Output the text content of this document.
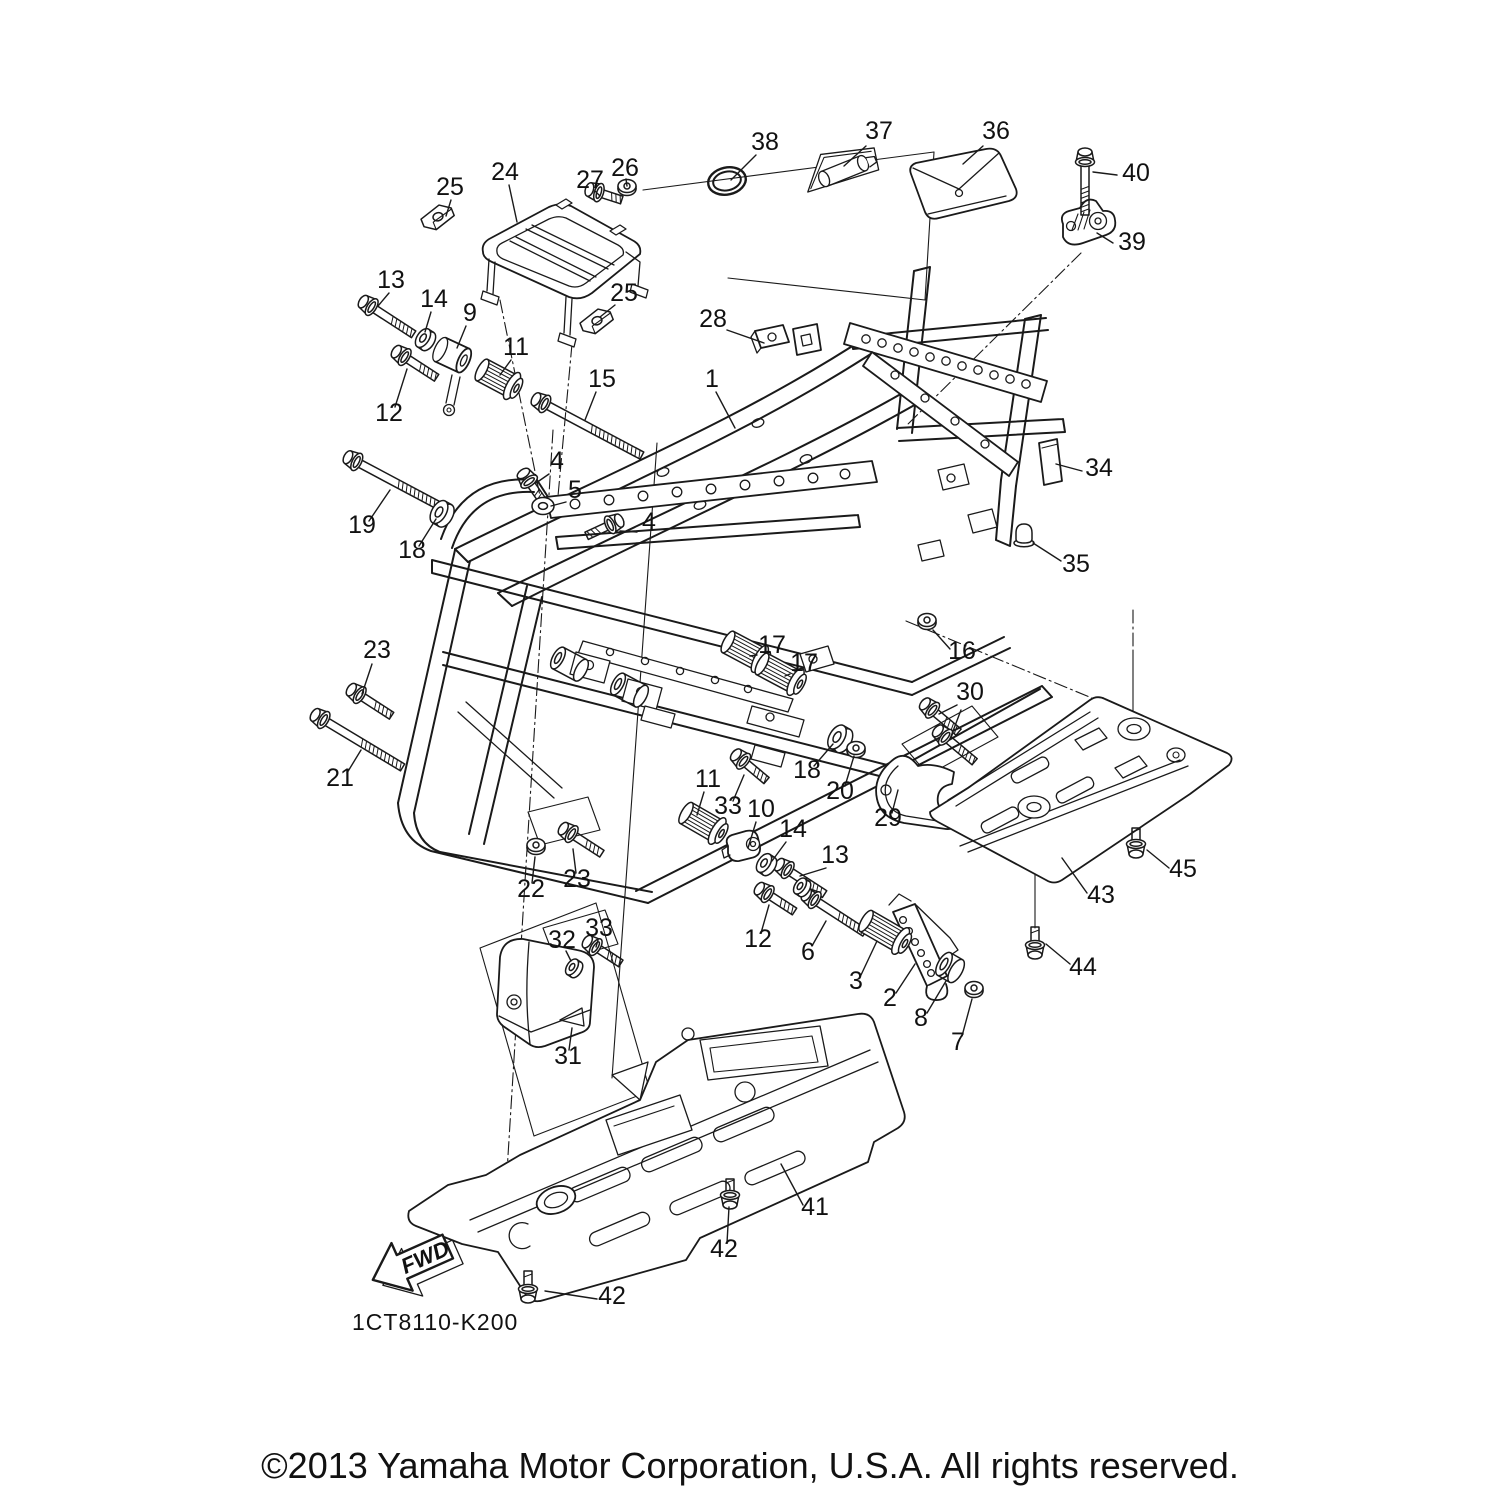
38	37	36
40
39
25
24 27 26
25
28
1
13
14 9
11
12
15
19
18
4
5
4
35
16
17
17
30
34
23
21	18
20
29
11
33 10
14
13
12 6
3
2
8
7
44
45
43
22 23
32 33
31
41
42
42
FWD
1CT8110-K200
©2013 Yamaha Motor Corporation, U.S.A. All rights reserved.
